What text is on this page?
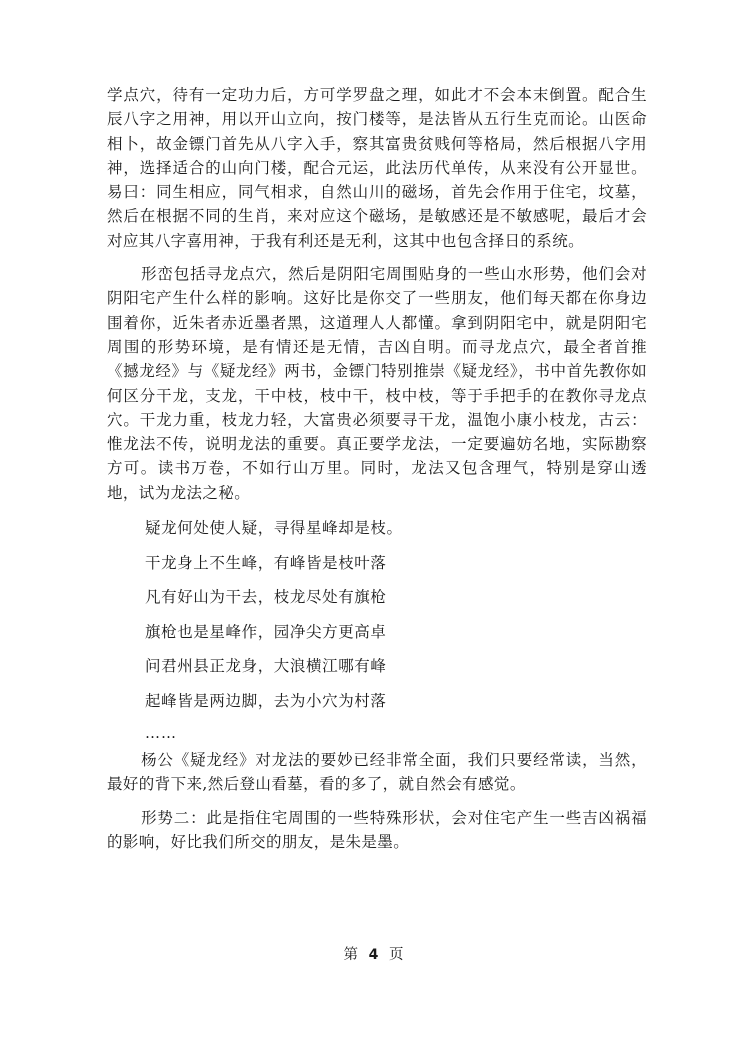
学点穴，待有一定功力后，方可学罗盘之理，如此才不会本末倒置。配合生辰八字之用神，用以开山立向，按门楼等，是法皆从五行生克而论。山医命相卜，故金镖门首先从八字入手，察其富贵贫贱何等格局，然后根据八字用神，选择适合的山向门楼，配合元运，此法历代单传，从来没有公开显世。易曰：同生相应，同气相求，自然山川的磁场，首先会作用于住宅，坟墓，然后在根据不同的生肖，来对应这个磁场，是敏感还是不敏感呢，最后才会对应其八字喜用神，于我有利还是无利，这其中也包含择日的系统。

形峦包括寻龙点穴，然后是阴阳宅周围贴身的一些山水形势，他们会对阴阳宅产生什么样的影响。这好比是你交了一些朋友，他们每天都在你身边围着你，近朱者赤近墨者黑，这道理人人都懂。拿到阴阳宅中，就是阴阳宅周围的形势环境，是有情还是无情，吉凶自明。而寻龙点穴，最全者首推《撼龙经》与《疑龙经》两书，金镖门特别推崇《疑龙经》，书中首先教你如何区分干龙，支龙，干中枝，枝中干，枝中枝，等于手把手的在教你寻龙点穴。干龙力重，枝龙力轻，大富贵必须要寻干龙，温饱小康小枝龙，古云：惟龙法不传，说明龙法的重要。真正要学龙法，一定要遍妨名地，实际勘察方可。读书万卷，不如行山万里。同时，龙法又包含理气，特别是穿山透地，试为龙法之秘。

疑龙何处使人疑，寻得星峰却是枝。

干龙身上不生峰，有峰皆是枝叶落

凡有好山为干去，枝龙尽处有旗枪

旗枪也是星峰作，园净尖方更高卓

问君州县正龙身，大浪横江哪有峰

起峰皆是两边脚，去为小穴为村落

……

杨公《疑龙经》对龙法的要妙已经非常全面，我们只要经常读，当然，最好的背下来,然后登山看墓，看的多了，就自然会有感觉。

形势二：此是指住宅周围的一些特殊形状，会对住宅产生一些吉凶祸福的影响，好比我们所交的朋友，是朱是墨。

第 4 页
